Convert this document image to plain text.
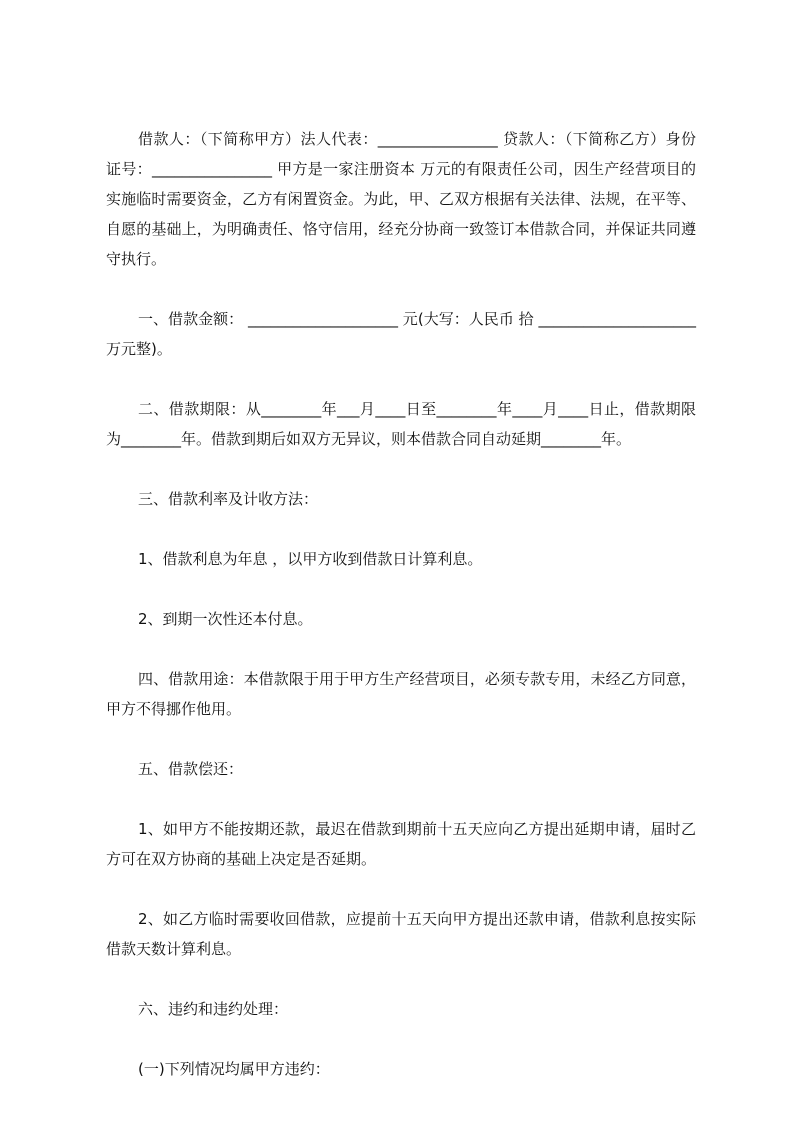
借款人：（下简称甲方）法人代表：________________ 贷款人：（下简称乙方）身份证号：________________ 甲方是一家注册资本 万元的有限责任公司，因生产经营项目的实施临时需要资金，乙方有闲置资金。为此，甲、乙双方根据有关法律、法规，在平等、自愿的基础上，为明确责任、恪守信用，经充分协商一致签订本借款合同，并保证共同遵守执行。

一、借款金额： ____________________ 元(大写：人民币 拾 _____________________ 万元整)。

二、借款期限：从________年___月____日至________年____月____日止，借款期限为________年。借款到期后如双方无异议，则本借款合同自动延期________年。

三、借款利率及计收方法：

1、借款利息为年息 ，以甲方收到借款日计算利息。

2、到期一次性还本付息。

四、借款用途：本借款限于用于甲方生产经营项目，必须专款专用，未经乙方同意，甲方不得挪作他用。

五、借款偿还：

1、如甲方不能按期还款，最迟在借款到期前十五天应向乙方提出延期申请，届时乙方可在双方协商的基础上决定是否延期。

2、如乙方临时需要收回借款，应提前十五天向甲方提出还款申请，借款利息按实际借款天数计算利息。

六、违约和违约处理：

(一)下列情况均属甲方违约：
